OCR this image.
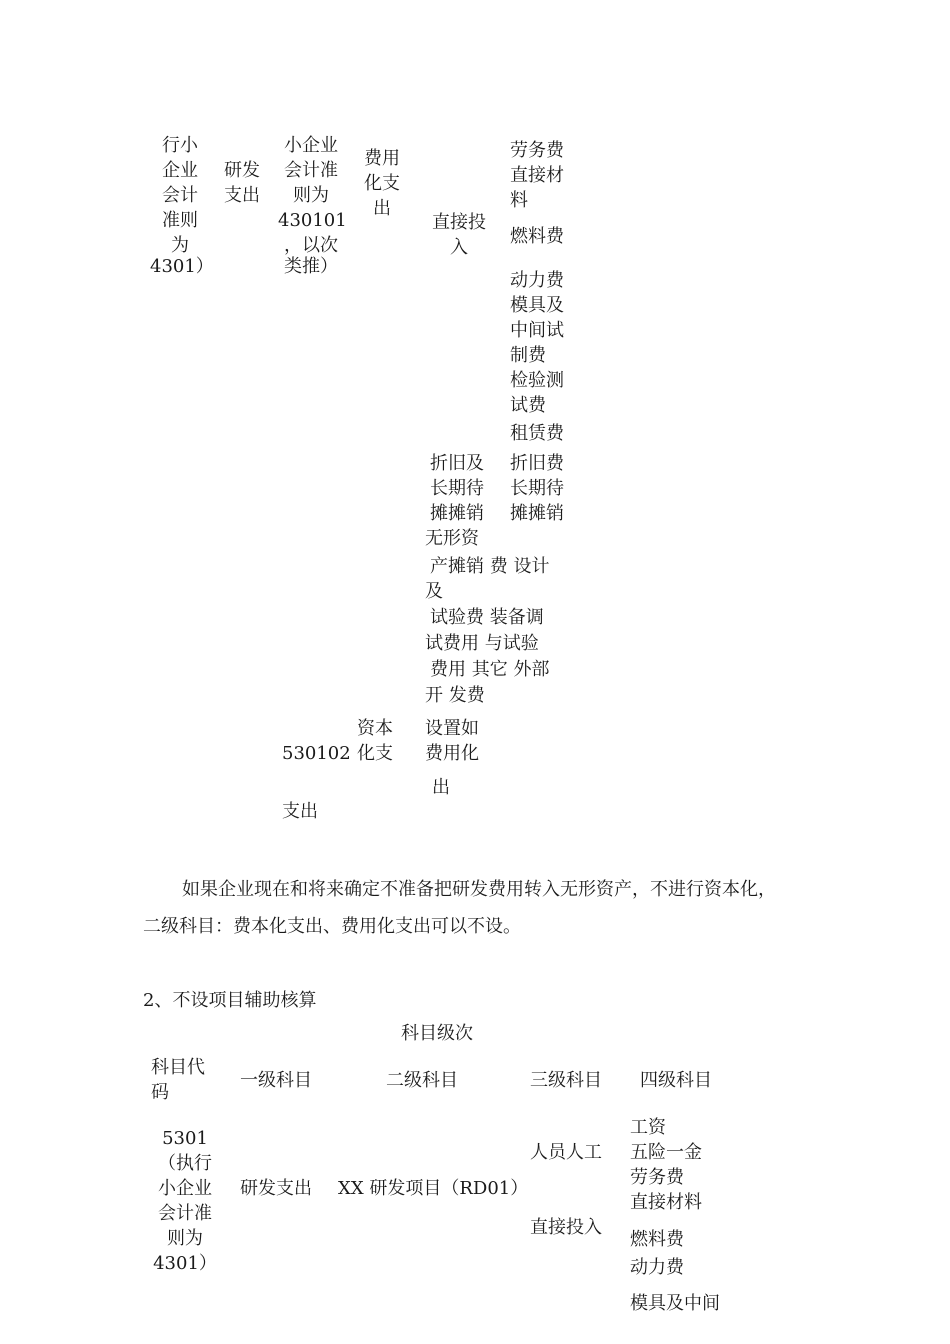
行小
企业
会计
准则
为
4301）
研发
支出
小企业
会计准
则为
430101
，以次
类推）
费用
化支
出
直接投
入
劳务费
直接材
料
燃料费
动力费
模具及
中间试
制费
检验测
试费
租赁费
折旧及
长期待
摊摊销
无形资
折旧费
长期待
摊摊销
产摊销 费 设计
及
试验费 装备调
试费用 与试验
费用 其它 外部
开 发费
530102
资本
化支
设置如
费用化
出
支出
如果企业现在和将来确定不准备把研发费用转入无形资产，不进行资本化，
二级科目：费本化支出、费用化支出可以不设。
2、不设项目辅助核算
科目级次
科目代
码
一级科目	二级科目	三级科目 四级科目
5301
（执行
小企业
会计准
则为
4301）
研发支出 XX 研发项目（RD01）
人员人工
直接投入
工资
五险一金
劳务费
直接材料
燃料费
动力费
模具及中间
